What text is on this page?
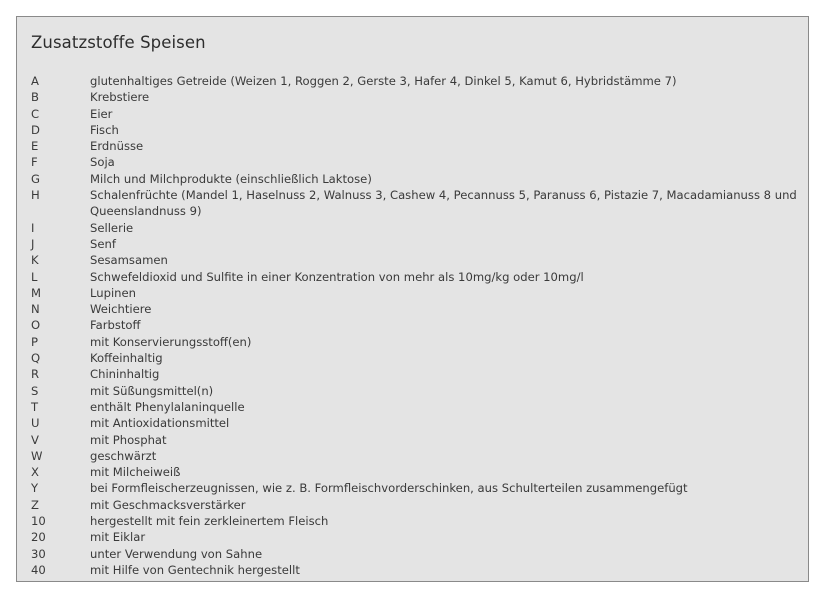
Zusatzstoffe Speisen
A	glutenhaltiges Getreide (Weizen 1, Roggen 2, Gerste 3, Hafer 4, Dinkel 5, Kamut 6, Hybridstämme 7)
B	Krebstiere
C	Eier
D	Fisch
E	Erdnüsse
F	Soja
G	Milch und Milchprodukte (einschließlich Laktose)
H	Schalenfrüchte (Mandel 1, Haselnuss 2, Walnuss 3, Cashew 4, Pecannuss 5, Paranuss 6, Pistazie 7, Macadamianuss 8 und Queenslandnuss 9)
I	Sellerie
J	Senf
K	Sesamsamen
L	Schwefeldioxid und Sulfite in einer Konzentration von mehr als 10mg/kg oder 10mg/l
M	Lupinen
N	Weichtiere
O	Farbstoff
P	mit Konservierungsstoff(en)
Q	Koffeinhaltig
R	Chininhaltig
S	mit Süßungsmittel(n)
T	enthält Phenylalaninquelle
U	mit Antioxidationsmittel
V	mit Phosphat
W	geschwärzt
X	mit Milcheiweiß
Y	bei Formfleischerzeugnissen, wie z. B. Formfleischvorderschinken, aus Schulterteilen zusammengefügt
Z	mit Geschmacksverstärker
10	hergestellt mit fein zerkleinertem Fleisch
20	mit Eiklar
30	unter Verwendung von Sahne
40	mit Hilfe von Gentechnik hergestellt
